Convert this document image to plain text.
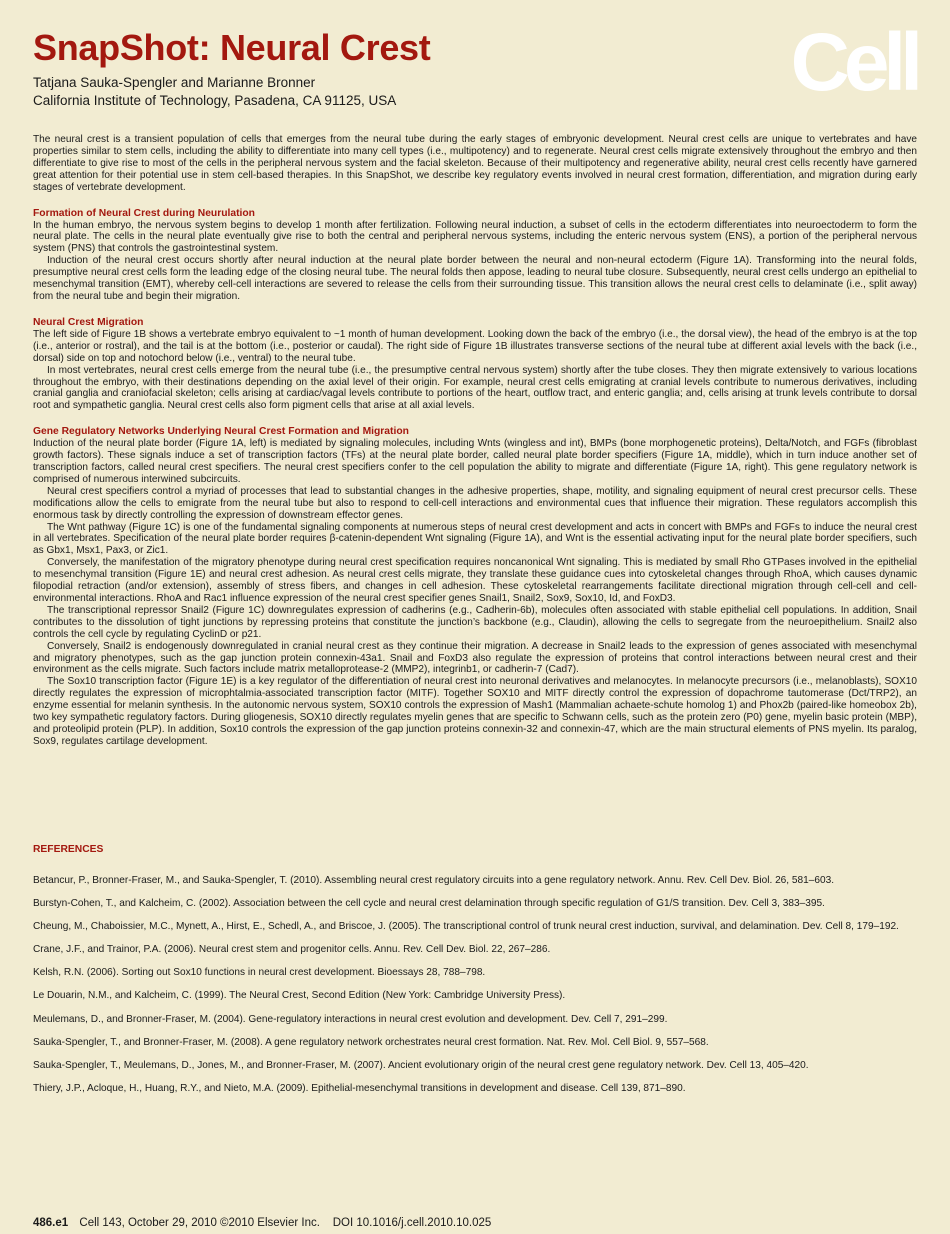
SnapShot: Neural Crest

Tatjana Sauka-Spengler and Marianne Bronner

California Institute of Technology, Pasadena, CA 91125, USA	Cell

The neural crest is a transient population of cells that emerges from the neural tube during the early stages of embryonic development. Neural crest cells are unique to vertebrates and have properties similar to stem cells, including the ability to differentiate into many cell types (i.e., multipotency) and to regenerate. Neural crest cells migrate extensively throughout the embryo and then differentiate to give rise to most of the cells in the peripheral nervous system and the facial skeleton. Because of their multipotency and regenerative ability, neural crest cells recently have garnered great attention for their potential use in stem cell-based therapies. In this SnapShot, we describe key regulatory events involved in neural crest formation, differentiation, and migration during early stages of vertebrate development.

Formation of Neural Crest during Neurulation

In the human embryo, the nervous system begins to develop 1 month after fertilization. Following neural induction, a subset of cells in the ectoderm differentiates into neuroectoderm to form the neural plate. The cells in the neural plate eventually give rise to both the central and peripheral nervous systems, including the enteric nervous system (ENS), a portion of the peripheral nervous system (PNS) that controls the gastrointestinal system.

Induction of the neural crest occurs shortly after neural induction at the neural plate border between the neural and non-neural ectoderm (Figure 1A). Transforming into the neural folds, presumptive neural crest cells form the leading edge of the closing neural tube. The neural folds then appose, leading to neural tube closure. Subsequently, neural crest cells undergo an epithelial to mesenchymal transition (EMT), whereby cell-cell interactions are severed to release the cells from their surrounding tissue. This transition allows the neural crest cells to delaminate (i.e., split away) from the neural tube and begin their migration.

Neural Crest Migration

The left side of Figure 1B shows a vertebrate embryo equivalent to ~1 month of human development. Looking down the back of the embryo (i.e., the dorsal view), the head of the embryo is at the top (i.e., anterior or rostral), and the tail is at the bottom (i.e., posterior or caudal). The right side of Figure 1B illustrates transverse sections of the neural tube at different axial levels with the back (i.e., dorsal) side on top and notochord below (i.e., ventral) to the neural tube.

In most vertebrates, neural crest cells emerge from the neural tube (i.e., the presumptive central nervous system) shortly after the tube closes. They then migrate extensively to various locations throughout the embryo, with their destinations depending on the axial level of their origin. For example, neural crest cells emigrating at cranial levels contribute to numerous derivatives, including cranial ganglia and craniofacial skeleton; cells arising at cardiac/vagal levels contribute to portions of the heart, outflow tract, and enteric ganglia; and, cells arising at trunk levels contribute to dorsal root and sympathetic ganglia. Neural crest cells also form pigment cells that arise at all axial levels.

Gene Regulatory Networks Underlying Neural Crest Formation and Migration

Induction of the neural plate border (Figure 1A, left) is mediated by signaling molecules, including Wnts (wingless and int), BMPs (bone morphogenetic proteins), Delta/Notch, and FGFs (fibroblast growth factors). These signals induce a set of transcription factors (TFs) at the neural plate border, called neural plate border specifiers (Figure 1A, middle), which in turn induce another set of transcription factors, called neural crest specifiers. The neural crest specifiers confer to the cell population the ability to migrate and differentiate (Figure 1A, right). This gene regulatory network is comprised of numerous interwined subcircuits.

Neural crest specifiers control a myriad of processes that lead to substantial changes in the adhesive properties, shape, motility, and signaling equipment of neural crest precursor cells. These modifications allow the cells to emigrate from the neural tube but also to respond to cell-cell interactions and environmental cues that influence their migration. These regulators accomplish this enormous task by directly controlling the expression of downstream effector genes.

The Wnt pathway (Figure 1C) is one of the fundamental signaling components at numerous steps of neural crest development and acts in concert with BMPs and FGFs to induce the neural crest in all vertebrates. Specification of the neural plate border requires β-catenin-dependent Wnt signaling (Figure 1A), and Wnt is the essential activating input for the neural plate border specifiers, such as Gbx1, Msx1, Pax3, or Zic1.

Conversely, the manifestation of the migratory phenotype during neural crest specification requires noncanonical Wnt signaling. This is mediated by small Rho GTPases involved in the epithelial to mesenchymal transition (Figure 1E) and neural crest adhesion. As neural crest cells migrate, they translate these guidance cues into cytoskeletal changes through RhoA, which causes dynamic filopodial retraction (and/or extension), assembly of stress fibers, and changes in cell adhesion. These cytoskeletal rearrangements facilitate directional migration through cell-cell and cell-environmental interactions. RhoA and Rac1 influence expression of the neural crest specifier genes Snail1, Snail2, Sox9, Sox10, Id, and FoxD3.

The transcriptional repressor Snail2 (Figure 1C) downregulates expression of cadherins (e.g., Cadherin-6b), molecules often associated with stable epithelial cell populations. In addition, Snail contributes to the dissolution of tight junctions by repressing proteins that constitute the junction’s backbone (e.g., Claudin), allowing the cells to segregate from the neuroepithelium. Snail2 also controls the cell cycle by regulating CyclinD or p21.

Conversely, Snail2 is endogenously downregulated in cranial neural crest as they continue their migration. A decrease in Snail2 leads to the expression of genes associated with mesenchymal and migratory phenotypes, such as the gap junction protein connexin-43a1. Snail and FoxD3 also regulate the expression of proteins that control interactions between neural crest and their environment as the cells migrate. Such factors include matrix metalloprotease-2 (MMP2), integrinb1, or cadherin-7 (Cad7).

The Sox10 transcription factor (Figure 1E) is a key regulator of the differentiation of neural crest into neuronal derivatives and melanocytes. In melanocyte precursors (i.e., melanoblasts), SOX10 directly regulates the expression of microphtalmia-associated transcription factor (MITF). Together SOX10 and MITF directly control the expression of dopachrome tautomerase (Dct/TRP2), an enzyme essential for melanin synthesis. In the autonomic nervous system, SOX10 controls the expression of Mash1 (Mammalian achaete-schute homolog 1) and Phox2b (paired-like homeobox 2b), two key sympathetic regulatory factors. During gliogenesis, SOX10 directly regulates myelin genes that are specific to Schwann cells, such as the protein zero (P0) gene, myelin basic protein (MBP), and proteolipid protein (PLP). In addition, Sox10 controls the expression of the gap junction proteins connexin-32 and connexin-47, which are the main structural elements of PNS myelin. Its paralog, Sox9, regulates cartilage development.

REFERENCES
Betancur, P., Bronner-Fraser, M., and Sauka-Spengler, T. (2010). Assembling neural crest regulatory circuits into a gene regulatory network. Annu. Rev. Cell Dev. Biol. 26, 581–603.
Burstyn-Cohen, T., and Kalcheim, C. (2002). Association between the cell cycle and neural crest delamination through specific regulation of G1/S transition. Dev. Cell 3, 383–395.
Cheung, M., Chaboissier, M.C., Mynett, A., Hirst, E., Schedl, A., and Briscoe, J. (2005). The transcriptional control of trunk neural crest induction, survival, and delamination. Dev. Cell 8, 179–192.
Crane, J.F., and Trainor, P.A. (2006). Neural crest stem and progenitor cells. Annu. Rev. Cell Dev. Biol. 22, 267–286.
Kelsh, R.N. (2006). Sorting out Sox10 functions in neural crest development. Bioessays 28, 788–798.
Le Douarin, N.M., and Kalcheim, C. (1999). The Neural Crest, Second Edition (New York: Cambridge University Press).
Meulemans, D., and Bronner-Fraser, M. (2004). Gene-regulatory interactions in neural crest evolution and development. Dev. Cell 7, 291–299.
Sauka-Spengler, T., and Bronner-Fraser, M. (2008). A gene regulatory network orchestrates neural crest formation. Nat. Rev. Mol. Cell Biol. 9, 557–568.
Sauka-Spengler, T., Meulemans, D., Jones, M., and Bronner-Fraser, M. (2007). Ancient evolutionary origin of the neural crest gene regulatory network. Dev. Cell 13, 405–420.
Thiery, J.P., Acloque, H., Huang, R.Y., and Nieto, M.A. (2009). Epithelial-mesenchymal transitions in development and disease. Cell 139, 871–890.

486.e1 Cell 143, October 29, 2010 ©2010 Elsevier Inc.    DOI 10.1016/j.cell.2010.10.025
